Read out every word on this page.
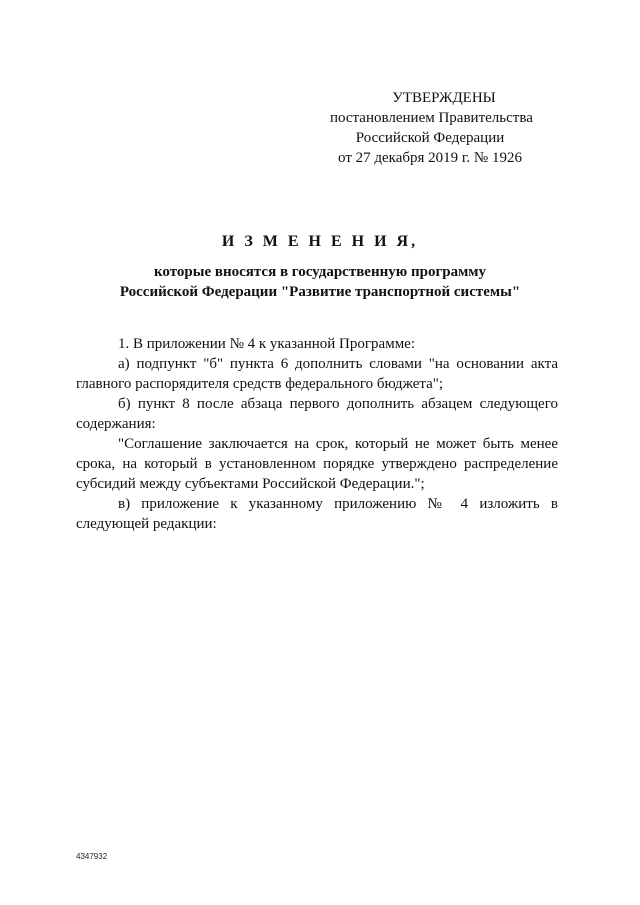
УТВЕРЖДЕНЫ
постановлением Правительства
Российской Федерации
от 27 декабря 2019 г. № 1926
И З М Е Н Е Н И Я,
которые вносятся в государственную программу
Российской Федерации "Развитие транспортной системы"

1. В приложении № 4 к указанной Программе:

а) подпункт "б" пункта 6 дополнить словами "на основании акта главного распорядителя средств федерального бюджета";

б) пункт 8 после абзаца первого дополнить абзацем следующего содержания:

"Соглашение заключается на срок, который не может быть менее срока, на который в установленном порядке утверждено распределение субсидий между субъектами Российской Федерации.";

в) приложение к указанному приложению № 4 изложить в следующей редакции:

4347932
